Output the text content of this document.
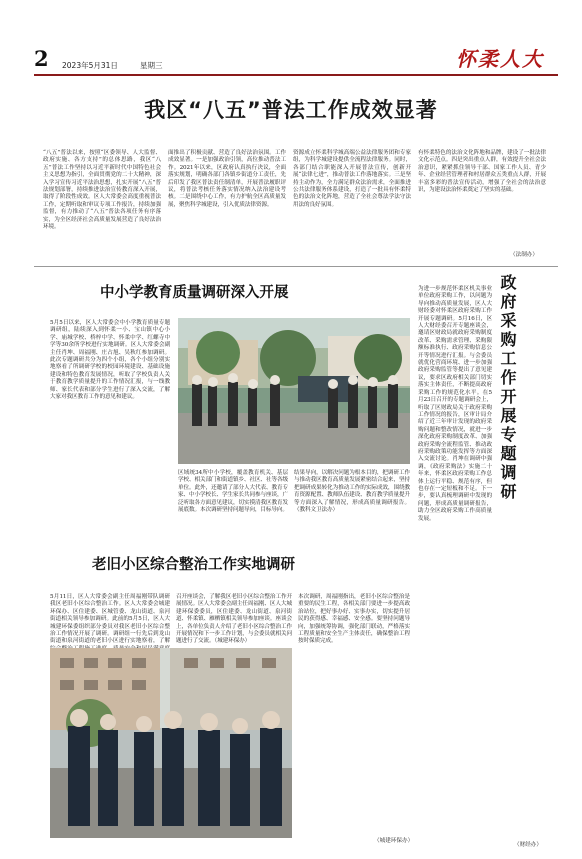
2 2023年5月31日	星期三	怀柔人大
我区“八五”普法工作成效显著
“八五”普法以来，按照“区委领导、人大监督、政府实施、各方支持”的总体思路，我区“八五”普法工作坚持以习近平新时代中国特色社会主义思想为指引，全面贯彻党的二十大精神，深入学习宣传习近平法治思想，扎实开展“八五”普法规划部署，持续推进法治宣传教育深入开展，取得了阶段性成效。区人大常委会高度重视普法工作，定期听取和审议专项工作报告，持续加强监督，有力推动了“八五”普法各项任务有序落实，为全区经济社会高质量发展营造了良好法治环境。
面推出了积极贡献、营造了良好法治氛围。工作成效显著。一是加强政治引领，高位推动普法工作。2021年以来，区政府认真执行决议，全面落实规划，明确各部门各镇乡街道分工责任，先后印发了我区普法责任制清单，开展普法履职评议，将普法考核任务落实情况纳入法治建设考核。二是围绕中心工作，有力护航全区高质量发展，聚焦科学城建设，引入优质法律资源。
资源成立怀柔科学城高端公益法律服务团和专家组，为科学城建设提供全流程法律服务。同时，各部门结合职能深入开展普法宣传，创新开展“法律七进”，推动普法工作落地落实。三是坚持主动作为，全力满足群众法治需求，全面推进公共法律服务体系建设，打造了一批具有怀柔特色的法治文化阵地，营造了全社会尊法学法守法用法的良好氛围。
有怀柔特色的法治文化阵地和品牌，建设了一批法律文化示范点。四是突出重点人群，有效提升全社会法治意识，紧紧抓住领导干部、国家工作人员、青少年、企业经营管理者和村居群众五类重点人群，开展丰富多彩的普法宣传活动，增强了全社会的法治意识，为建设法治怀柔奠定了坚实的基础。
（法制办）
中小学教育质量调研深入开展
5月5日以来，区人大常委会中小学教育质量专题调研组，陆续深入到怀柔一小、宝山镇中心小学、庙城学校、桥梓中学、怀柔中学、红螺寺中学等30余所学校进行实地调研。区人大常委会副主任肖坤、周福刚、庄占旭、吴秋红参加调研。此次专题调研共分为四个小组，各个小组分别实地察看了所调研学校的校园环境建设、基础设施建设和特色教育发展情况，听取了学校负责人关于教育教学质量提升的工作情况汇报，与一线教师、家长代表和部分学生进行了深入交流，了解大家对我区教育工作的意见和建议。
区域统34所中小学校，覆盖教育机关、基层学校、相关部门和街道镇乡、社区、社等各级单位。此外，还邀请了部分人大代表、教育专家、中小学校长、学生家长共同参与座谈，广泛听取各方面意见建议，切实摸清我区教育发展底数。本次调研坚持问题导向，目标导向。
结果导向，以解决问题为根本目的，把调研工作与推动我区教育高质量发展紧密结合起来，坚持把调研成果转化为推动工作的实际成效，围绕教育资源配置、教师队伍建设、教育教学质量提升等方面深入了解情况，形成高质量调研报告。（教科文卫法办）
政府采购工作开展专题调研
为进一步规范怀柔区机关事业单位政府采购工作，以问题为导向推动高质量发展，区人大财经委对怀柔区政府采购工作开展专题调研。5月16日，区人大财经委召开专题座谈会，邀请区财政局就政府采购制度改革、采购需求管理、采购限额标准执行、政府采购信息公开等情况进行汇报。与会委员就优化营商环境、进一步加强政府采购监管等提出了意见建议，要求区政府相关部门切实落实主体责任，不断提高政府采购工作的规范化水平。在5月23日召开的专题调研会上，听取了区财政局关于政府采购工作情况的报告，区审计局介绍了近三年审计发现的政府采购问题和整改情况，就进一步深化政府采购制度改革、加强政府采购全流程监管、推动政府采购政策功能发挥等方面深入交流讨论。肖坤在调研中强调，《政府采购法》实施二十年来，怀柔区政府采购工作总体上运行平稳、规范有序，但也存在一定短板和不足。下一步，要认真梳理调研中发现的问题，形成高质量调研报告，助力全区政府采购工作高质量发展。
（财经办）
老旧小区综合整治工作实地调研
5月11日，区人大常委会副主任周福刚带队调研我区老旧小区综合整治工作。区人大常委会城建环保办、区住建委、区城管委、龙山街道、泉河街道相关领导参加调研。此前的5月5日，区人大城建环保委组织部分委员对我区老旧小区综合整治工作情况开展了调研。调研组一行先后到龙山街道和泉河街道的老旧小区进行实地察看，了解
召开座谈会，了解我区老旧小区综合整治工作开展情况。区人大常委会副主任周福刚、区人大城建环保委委员，区住建委、龙山街道、泉河街道、怀柔镇、雁栖镇相关领导参加座谈。座谈会上，各单位负责人介绍了老旧小区综合整治工作开展情况和下一步工作计划，与会委员就相关问题进行了交流。（城建环保办）
本次调研，周福刚指出，老旧小区综合整治是重要的民生工程，各相关部门要进一步提高政治站位，把好事办好、实事办实，切实提升居民的获得感、幸福感、安全感。要坚持问题导向，加强统筹协调，强化部门联动，严格落实工程质量和安全生产主体责任，确保整治工程按时保质完成。
（城建环保办）
